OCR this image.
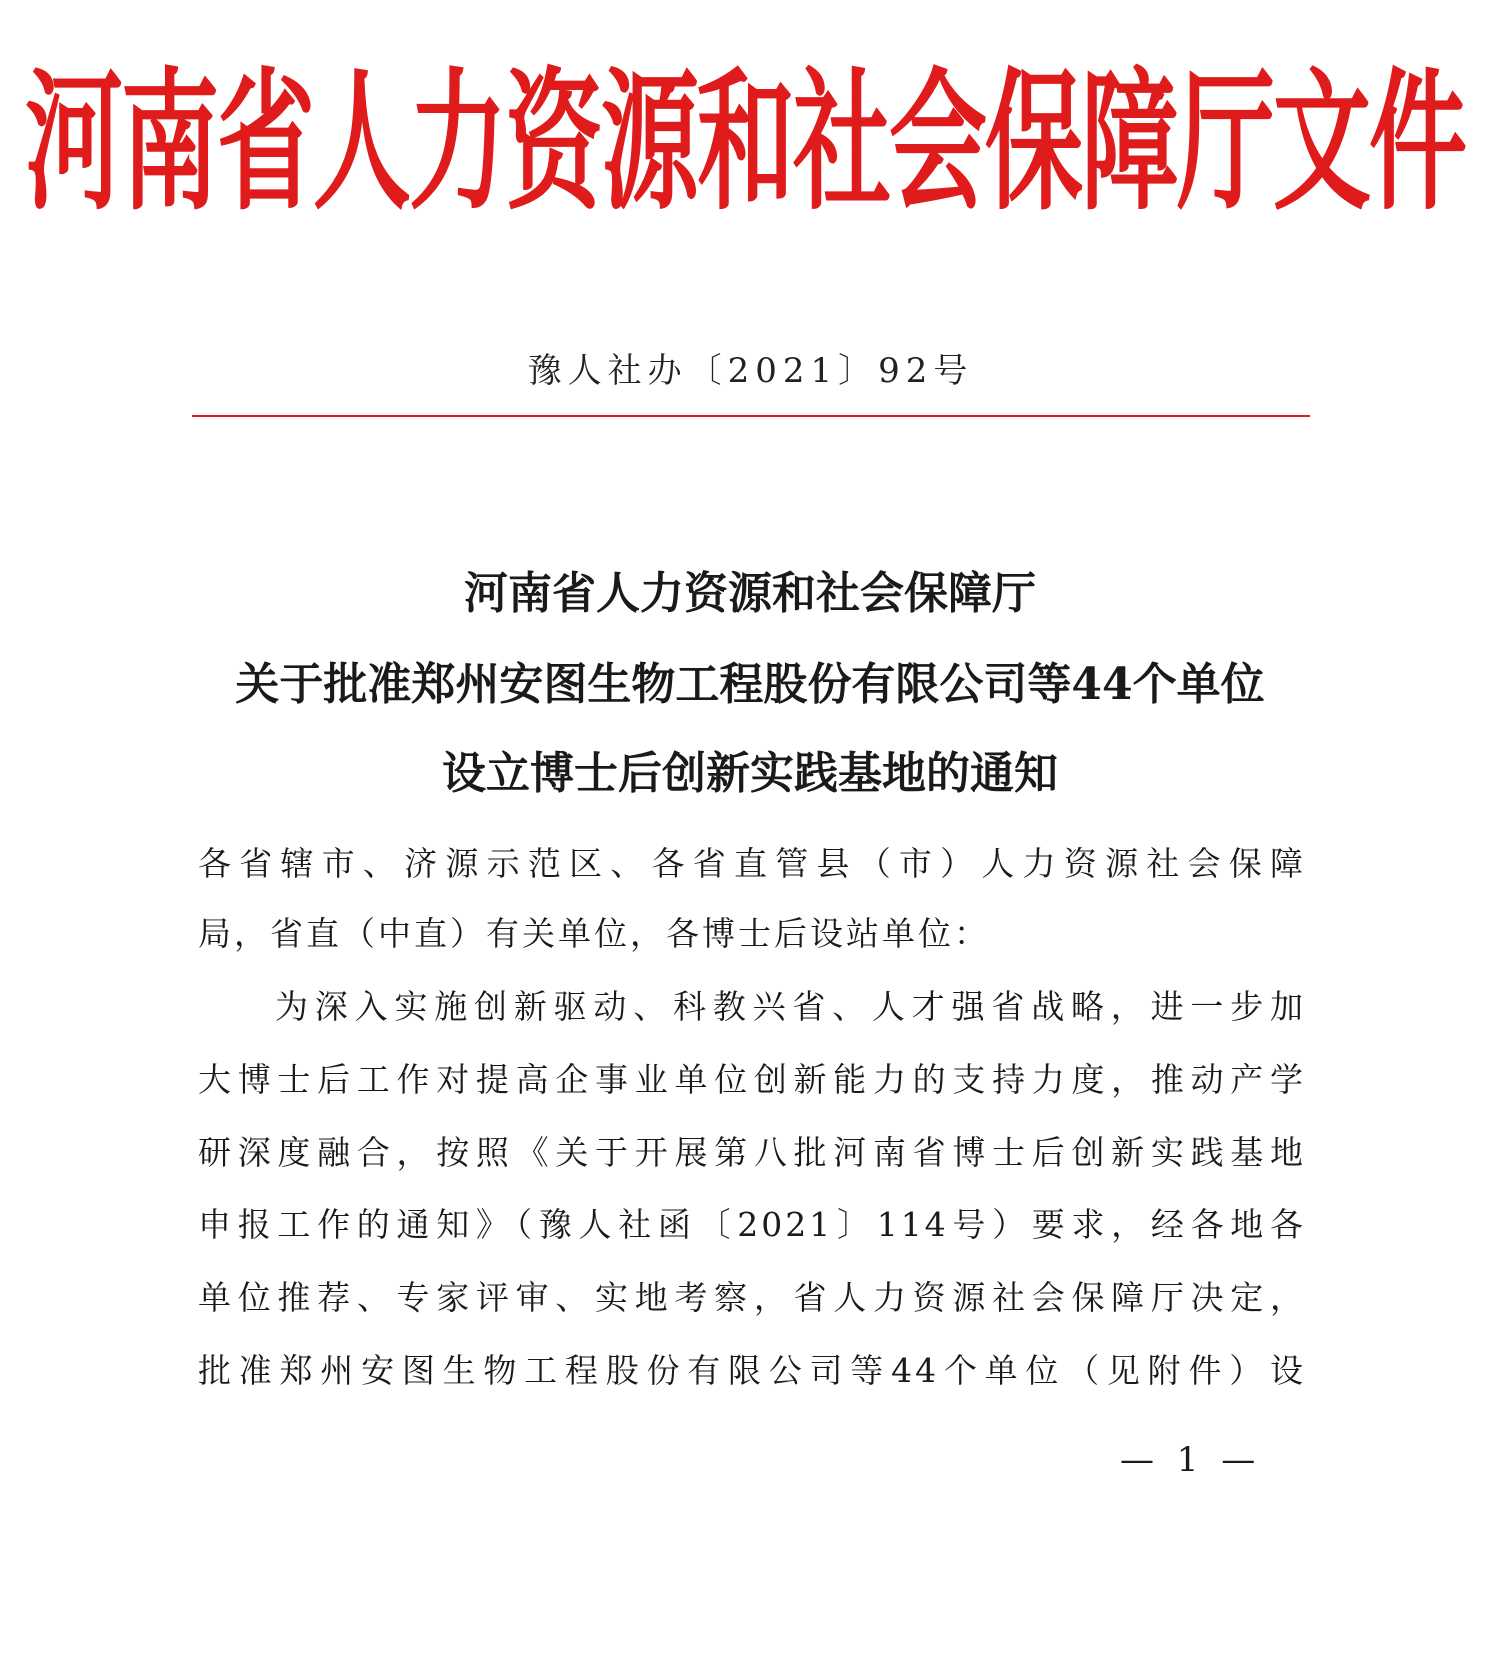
河南省人力资源和社会保障厅文件
豫人社办〔2021〕92号
河南省人力资源和社会保障厅
关于批准郑州安图生物工程股份有限公司等44个单位
设立博士后创新实践基地的通知
各省辖市、济源示范区、各省直管县（市）人力资源社会保障
局，省直（中直）有关单位，各博士后设站单位：
为深入实施创新驱动、科教兴省、人才强省战略，进一步加
大博士后工作对提高企事业单位创新能力的支持力度，推动产学
研深度融合，按照《关于开展第八批河南省博士后创新实践基地
申报工作的通知》（豫人社函〔2021〕114号）要求，经各地各
单位推荐、专家评审、实地考察，省人力资源社会保障厅决定，
批准郑州安图生物工程股份有限公司等44个单位（见附件）设
— 1 —
